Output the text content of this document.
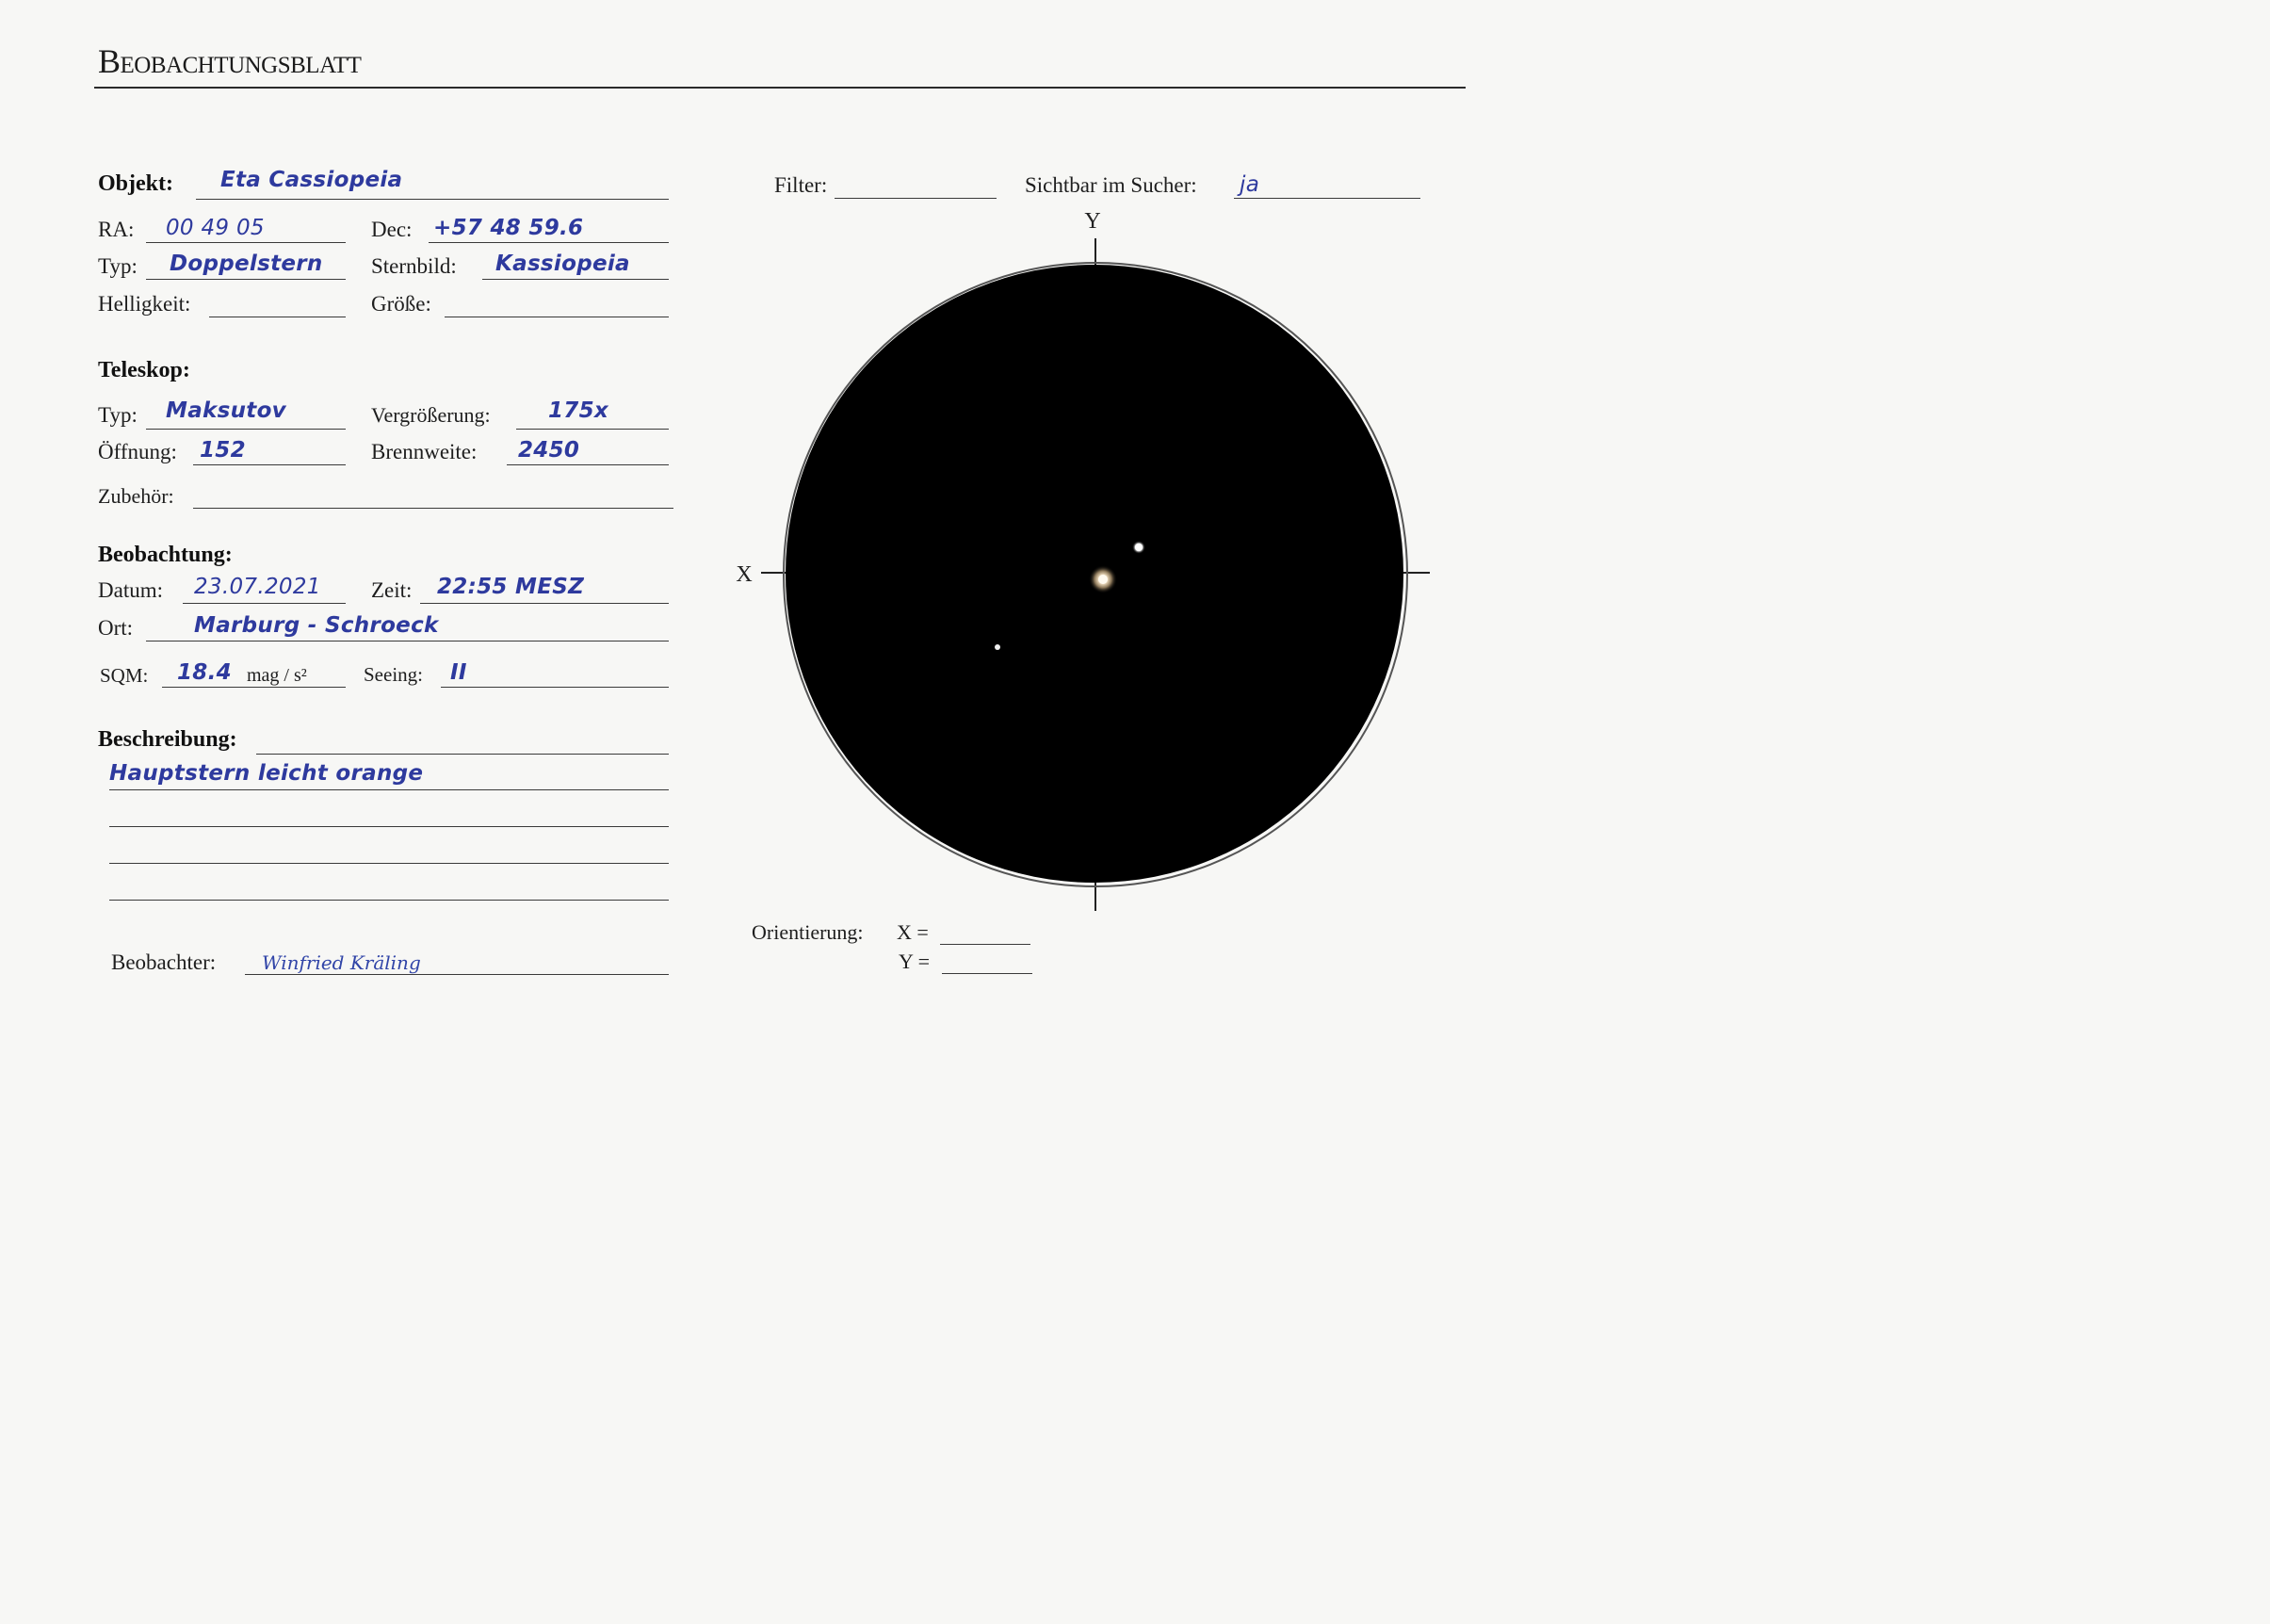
Beobachtungsblatt
Objekt: Eta Cassiopeia
RA: 00 49 05	Dec: +57 48 59.6
Typ: Doppelstern Sternbild: Kassiopeia
Helligkeit:	Größe:
Teleskop:
Typ: Maksutov	Vergrößerung:	175x
Öffnung: 152	Brennweite: 2450
Zubehör:
Beobachtung:
Datum: 23.07.2021 Zeit: 22:55 MESZ
Ort:	Marburg - Schroeck
SQM: 18.4 mag / s²	Seeing: II
Beschreibung:
Hauptstern leicht orange
Beobachter: Winfried Kräling
Filter:	Sichtbar im Sucher: ja
Y
X
Orientierung: X =
Y =
